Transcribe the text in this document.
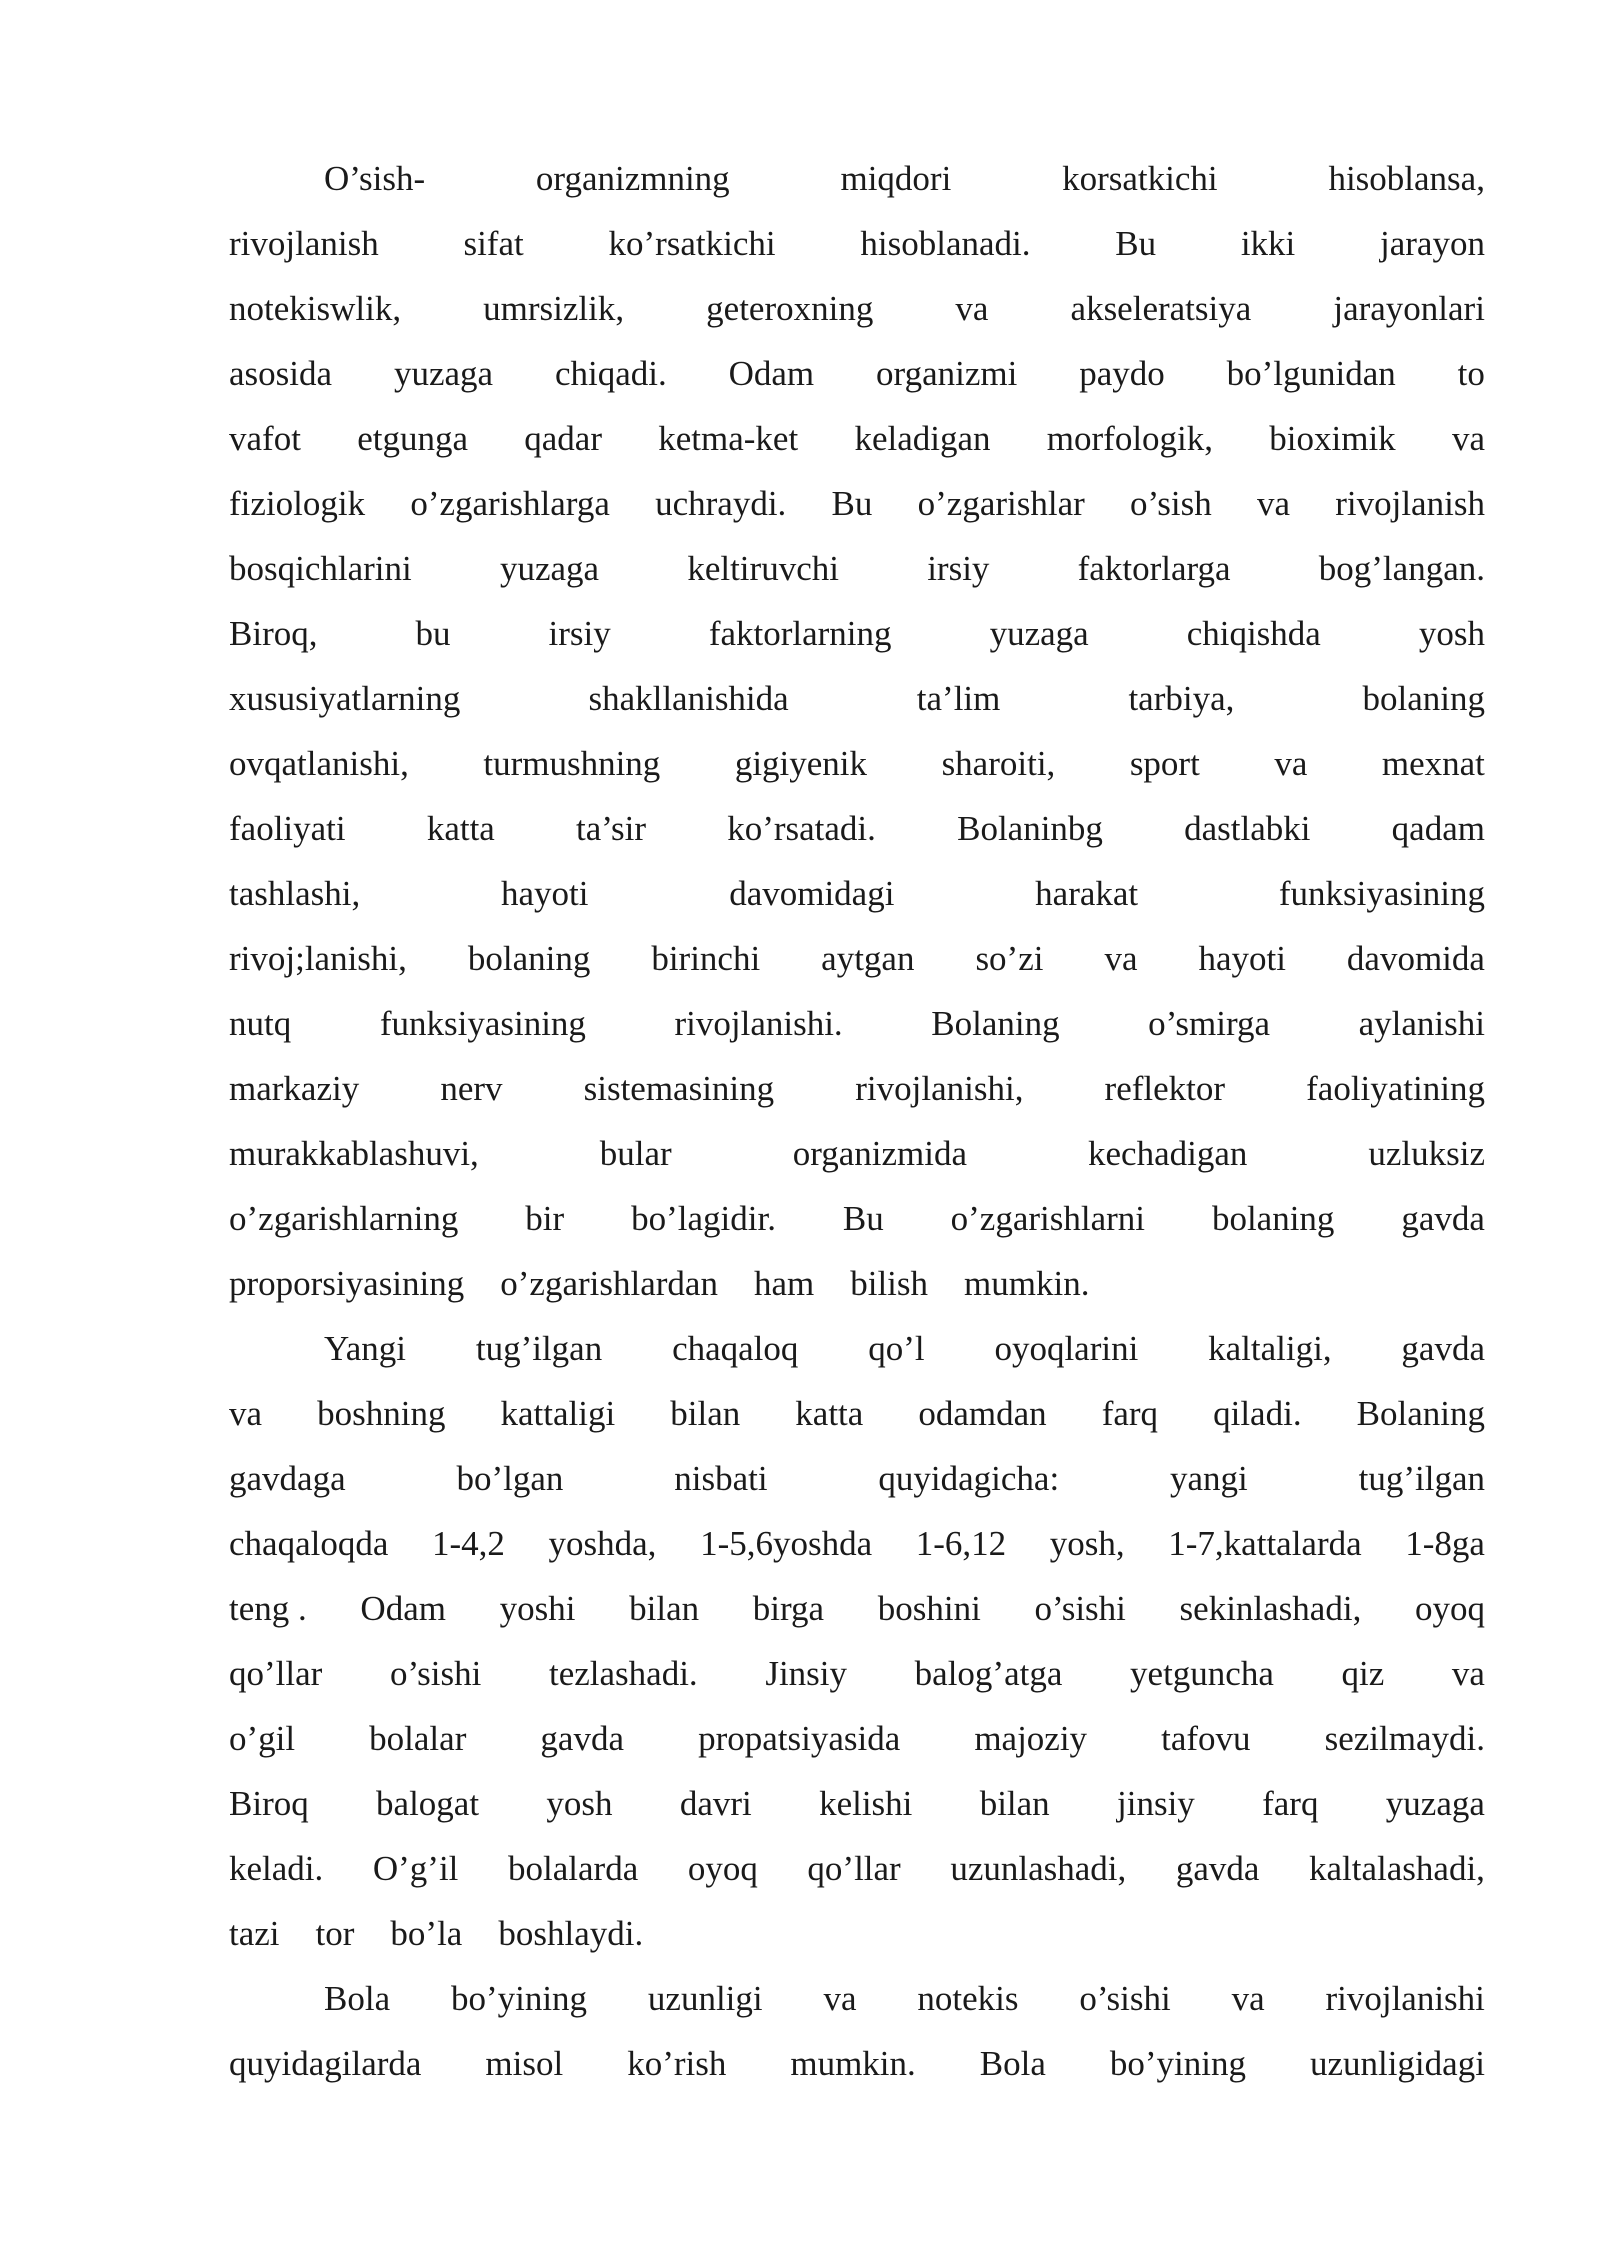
O’sish-	organizmning	miqdori	korsatkichi	hisoblansa,
rivojlanish sifat ko’rsatkichi hisoblanadi. Bu ikki jarayon
notekiswlik, umrsizlik, geteroxning va akseleratsiya jarayonlari
asosida yuzaga chiqadi. Odam organizmi paydo bo’lgunidan to
vafot etgunga qadar ketma-ket keladigan morfologik, bioximik va
fiziologik o’zgarishlarga uchraydi. Bu o’zgarishlar o’sish va rivojlanish
bosqichlarini	yuzaga	keltiruvchi	irsiy	faktorlarga	bog’langan.
Biroq,	bu	irsiy	faktorlarning	yuzaga	chiqishda	yosh
xususiyatlarning	shakllanishida	ta’lim	tarbiya,	bolaning
ovqatlanishi, turmushning gigiyenik sharoiti, sport va mexnat
faoliyati katta ta’sir ko’rsatadi. Bolaninbg dastlabki qadam
tashlashi,	hayoti	davomidagi	harakat	funksiyasining
rivoj;lanishi, bolaning birinchi aytgan so’zi va hayoti davomida
nutq	funksiyasining	rivojlanishi.	Bolaning	o’smirga	aylanishi
markaziy nerv sistemasining rivojlanishi, reflektor faoliyatining
murakkablashuvi,	bular	organizmida	kechadigan	uzluksiz
o’zgarishlarning bir bo’lagidir. Bu o’zgarishlarni bolaning gavda
proporsiyasining o’zgarishlardan ham bilish mumkin.
Yangi tug’ilgan chaqaloq qo’l oyoqlarini kaltaligi, gavda
va boshning kattaligi bilan katta odamdan farq qiladi. Bolaning
gavdaga	bo’lgan	nisbati	quyidagicha:	yangi	tug’ilgan
chaqaloqda 1-4,2 yoshda, 1-5,6yoshda 1-6,12 yosh, 1-7,kattalarda 1-8ga
teng . Odam yoshi bilan birga boshini o’sishi sekinlashadi, oyoq
qo’llar o’sishi tezlashadi. Jinsiy balog’atga yetguncha qiz va
o’gil bolalar gavda propatsiyasida majoziy tafovu sezilmaydi.
Biroq balogat yosh davri kelishi bilan jinsiy farq yuzaga
keladi. O’g’il bolalarda oyoq qo’llar uzunlashadi, gavda kaltalashadi,
tazi tor bo’la boshlaydi.
Bola bo’yining uzunligi va notekis o’sishi va rivojlanishi
quyidagilarda misol ko’rish mumkin. Bola bo’yining uzunligidagi
